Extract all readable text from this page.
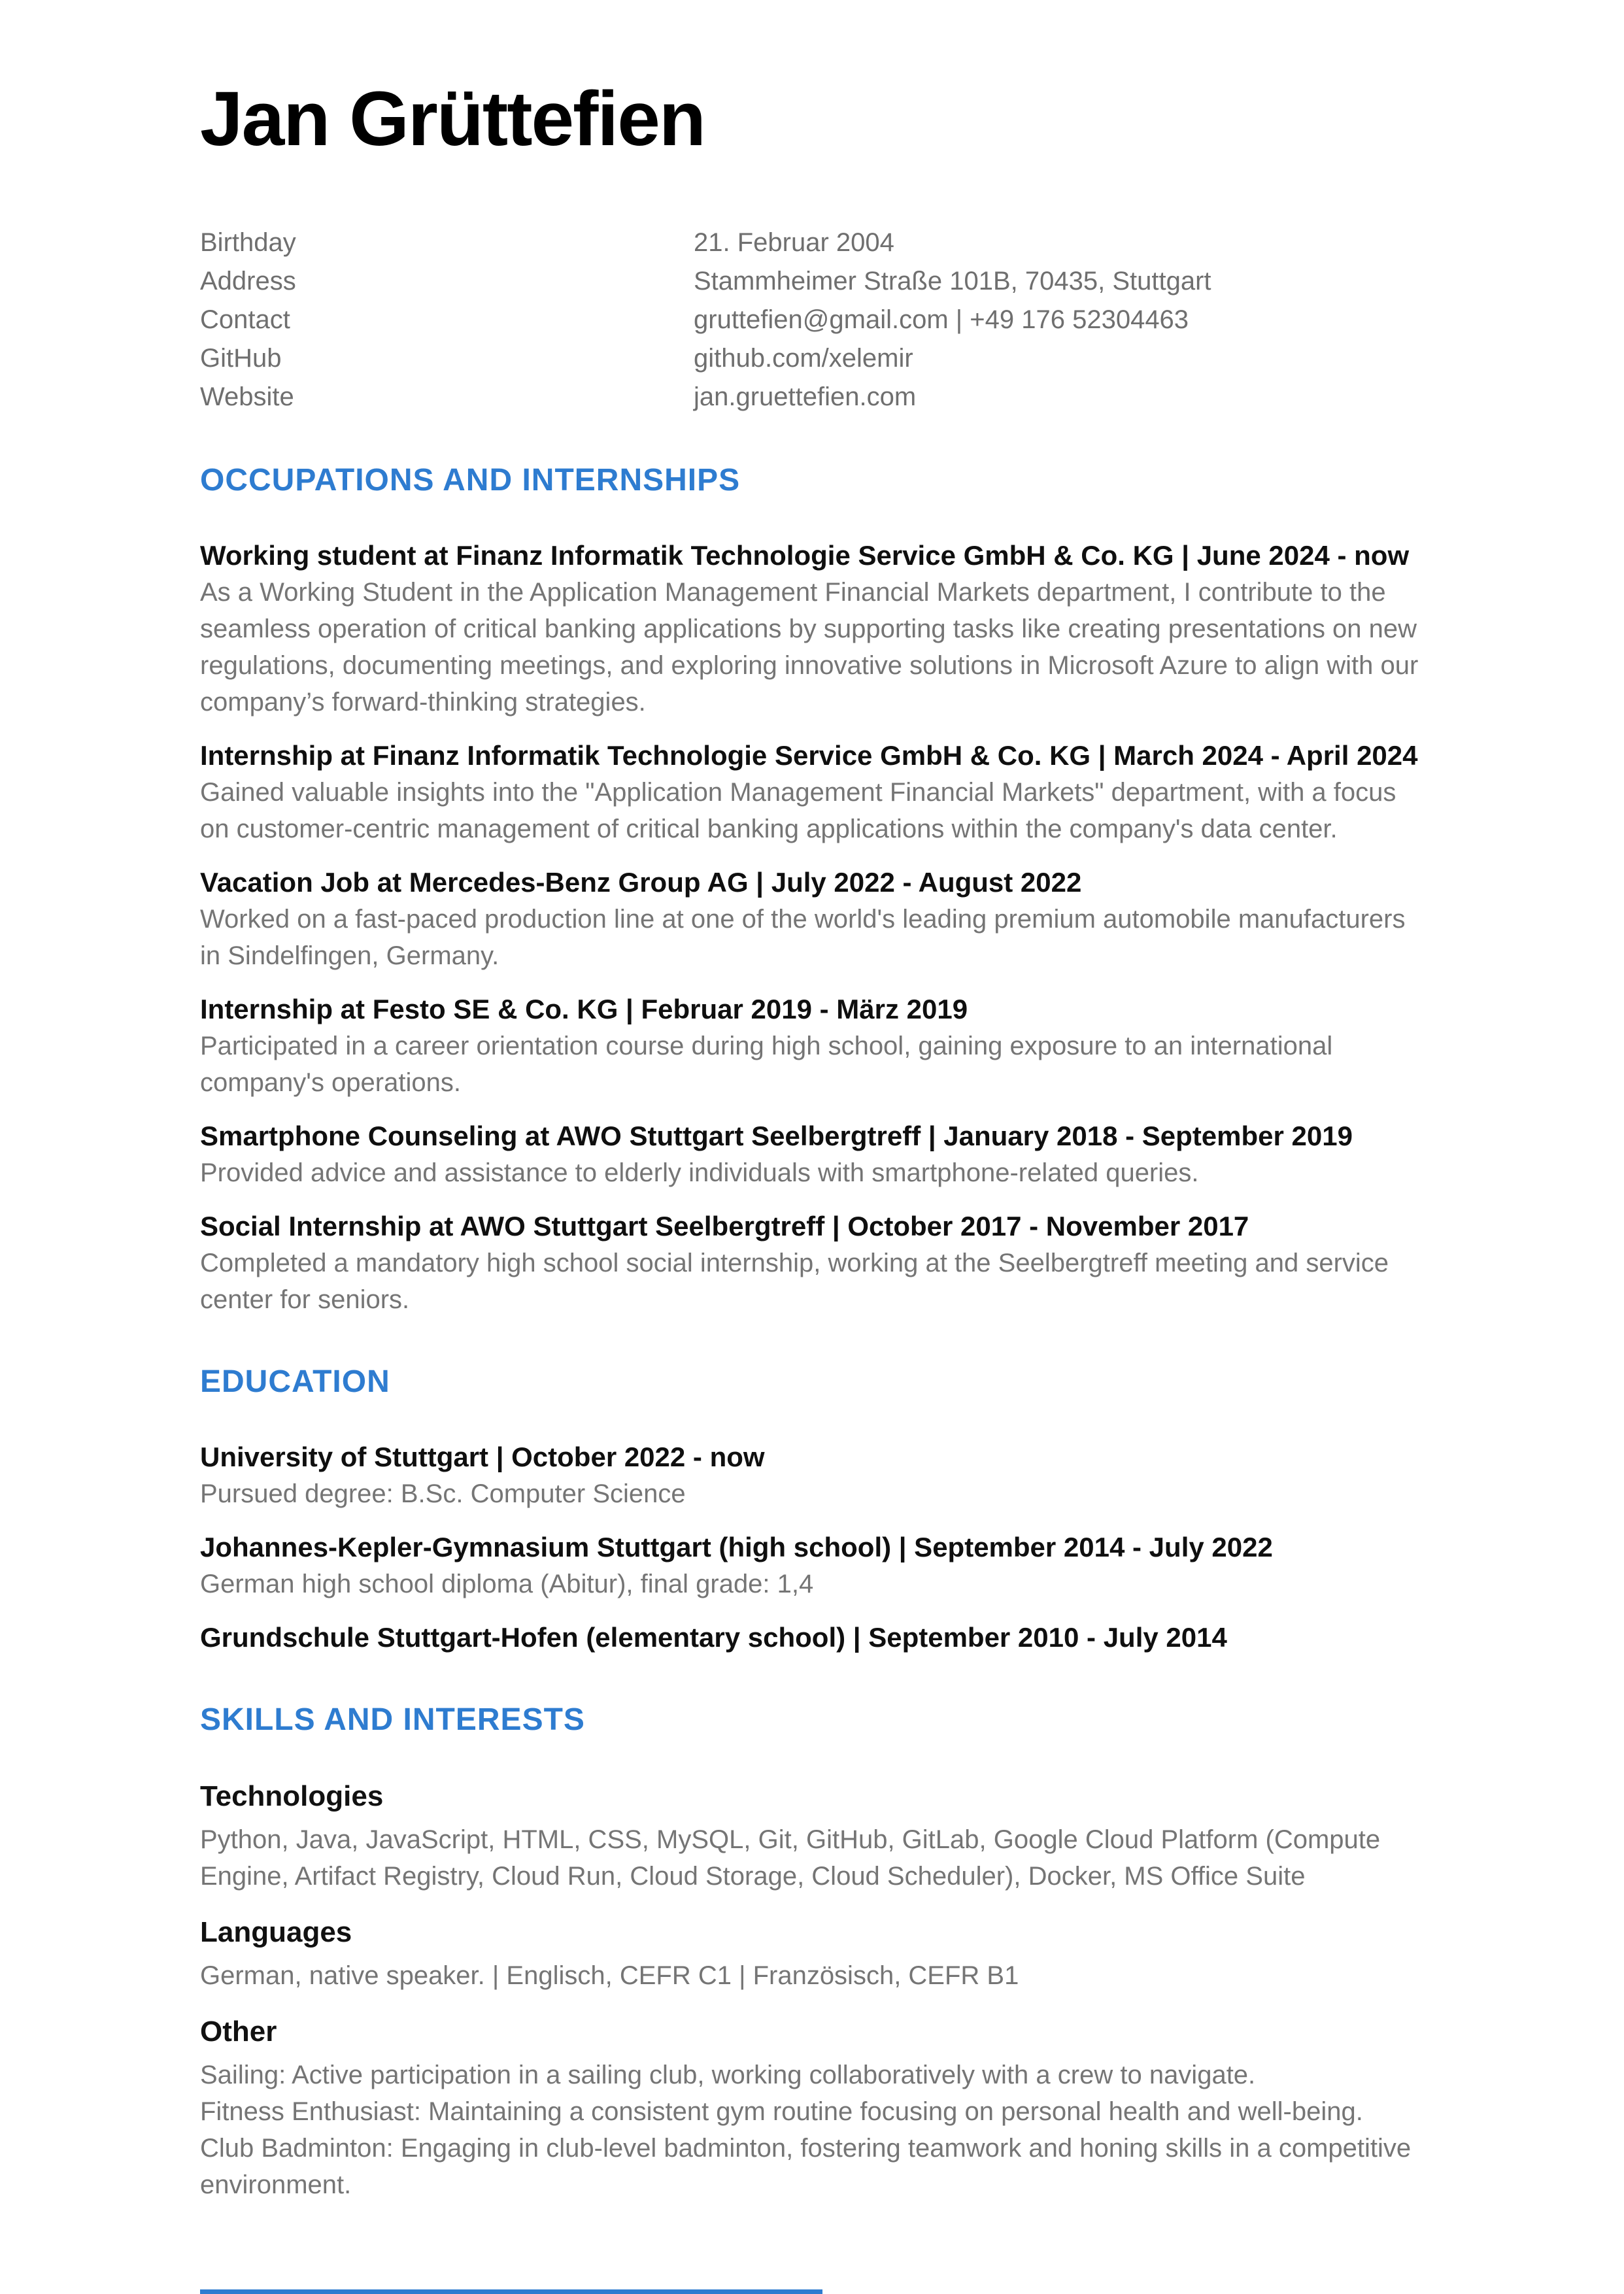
Jan Grüttefien
Birthday	21. Februar 2004
Address	Stammheimer Straße 101B, 70435, Stuttgart
Contact	gruttefien@gmail.com | +49 176 52304463
GitHub	github.com/xelemir
Website	jan.gruettefien.com
OCCUPATIONS AND INTERNSHIPS
Working student at Finanz Informatik Technologie Service GmbH & Co. KG | June 2024 - now
As a Working Student in the Application Management Financial Markets department, I contribute to the seamless operation of critical banking applications by supporting tasks like creating presentations on new regulations, documenting meetings, and exploring innovative solutions in Microsoft Azure to align with our company’s forward-thinking strategies.
Internship at Finanz Informatik Technologie Service GmbH & Co. KG | March 2024 - April 2024
Gained valuable insights into the "Application Management Financial Markets" department, with a focus on customer-centric management of critical banking applications within the company's data center.
Vacation Job at Mercedes-Benz Group AG | July 2022 - August 2022
Worked on a fast-paced production line at one of the world's leading premium automobile manufacturers in Sindelfingen, Germany.
Internship at Festo SE & Co. KG | Februar 2019 - März 2019
Participated in a career orientation course during high school, gaining exposure to an international company's operations.
Smartphone Counseling at AWO Stuttgart Seelbergtreff | January 2018 - September 2019
Provided advice and assistance to elderly individuals with smartphone-related queries.
Social Internship at AWO Stuttgart Seelbergtreff | October 2017 - November 2017
Completed a mandatory high school social internship, working at the Seelbergtreff meeting and service center for seniors.
EDUCATION
University of Stuttgart | October 2022 - now
Pursued degree: B.Sc. Computer Science
Johannes-Kepler-Gymnasium Stuttgart (high school) | September 2014 - July 2022
German high school diploma (Abitur), final grade: 1,4
Grundschule Stuttgart-Hofen (elementary school) | September 2010 - July 2014
SKILLS AND INTERESTS
Technologies
Python, Java, JavaScript, HTML, CSS, MySQL, Git, GitHub, GitLab, Google Cloud Platform (Compute Engine, Artifact Registry, Cloud Run, Cloud Storage, Cloud Scheduler), Docker, MS Office Suite
Languages
German, native speaker. | Englisch, CEFR C1 | Französisch, CEFR B1
Other
Sailing: Active participation in a sailing club, working collaboratively with a crew to navigate.
Fitness Enthusiast: Maintaining a consistent gym routine focusing on personal health and well-being.
Club Badminton: Engaging in club-level badminton, fostering teamwork and honing skills in a competitive environment.
